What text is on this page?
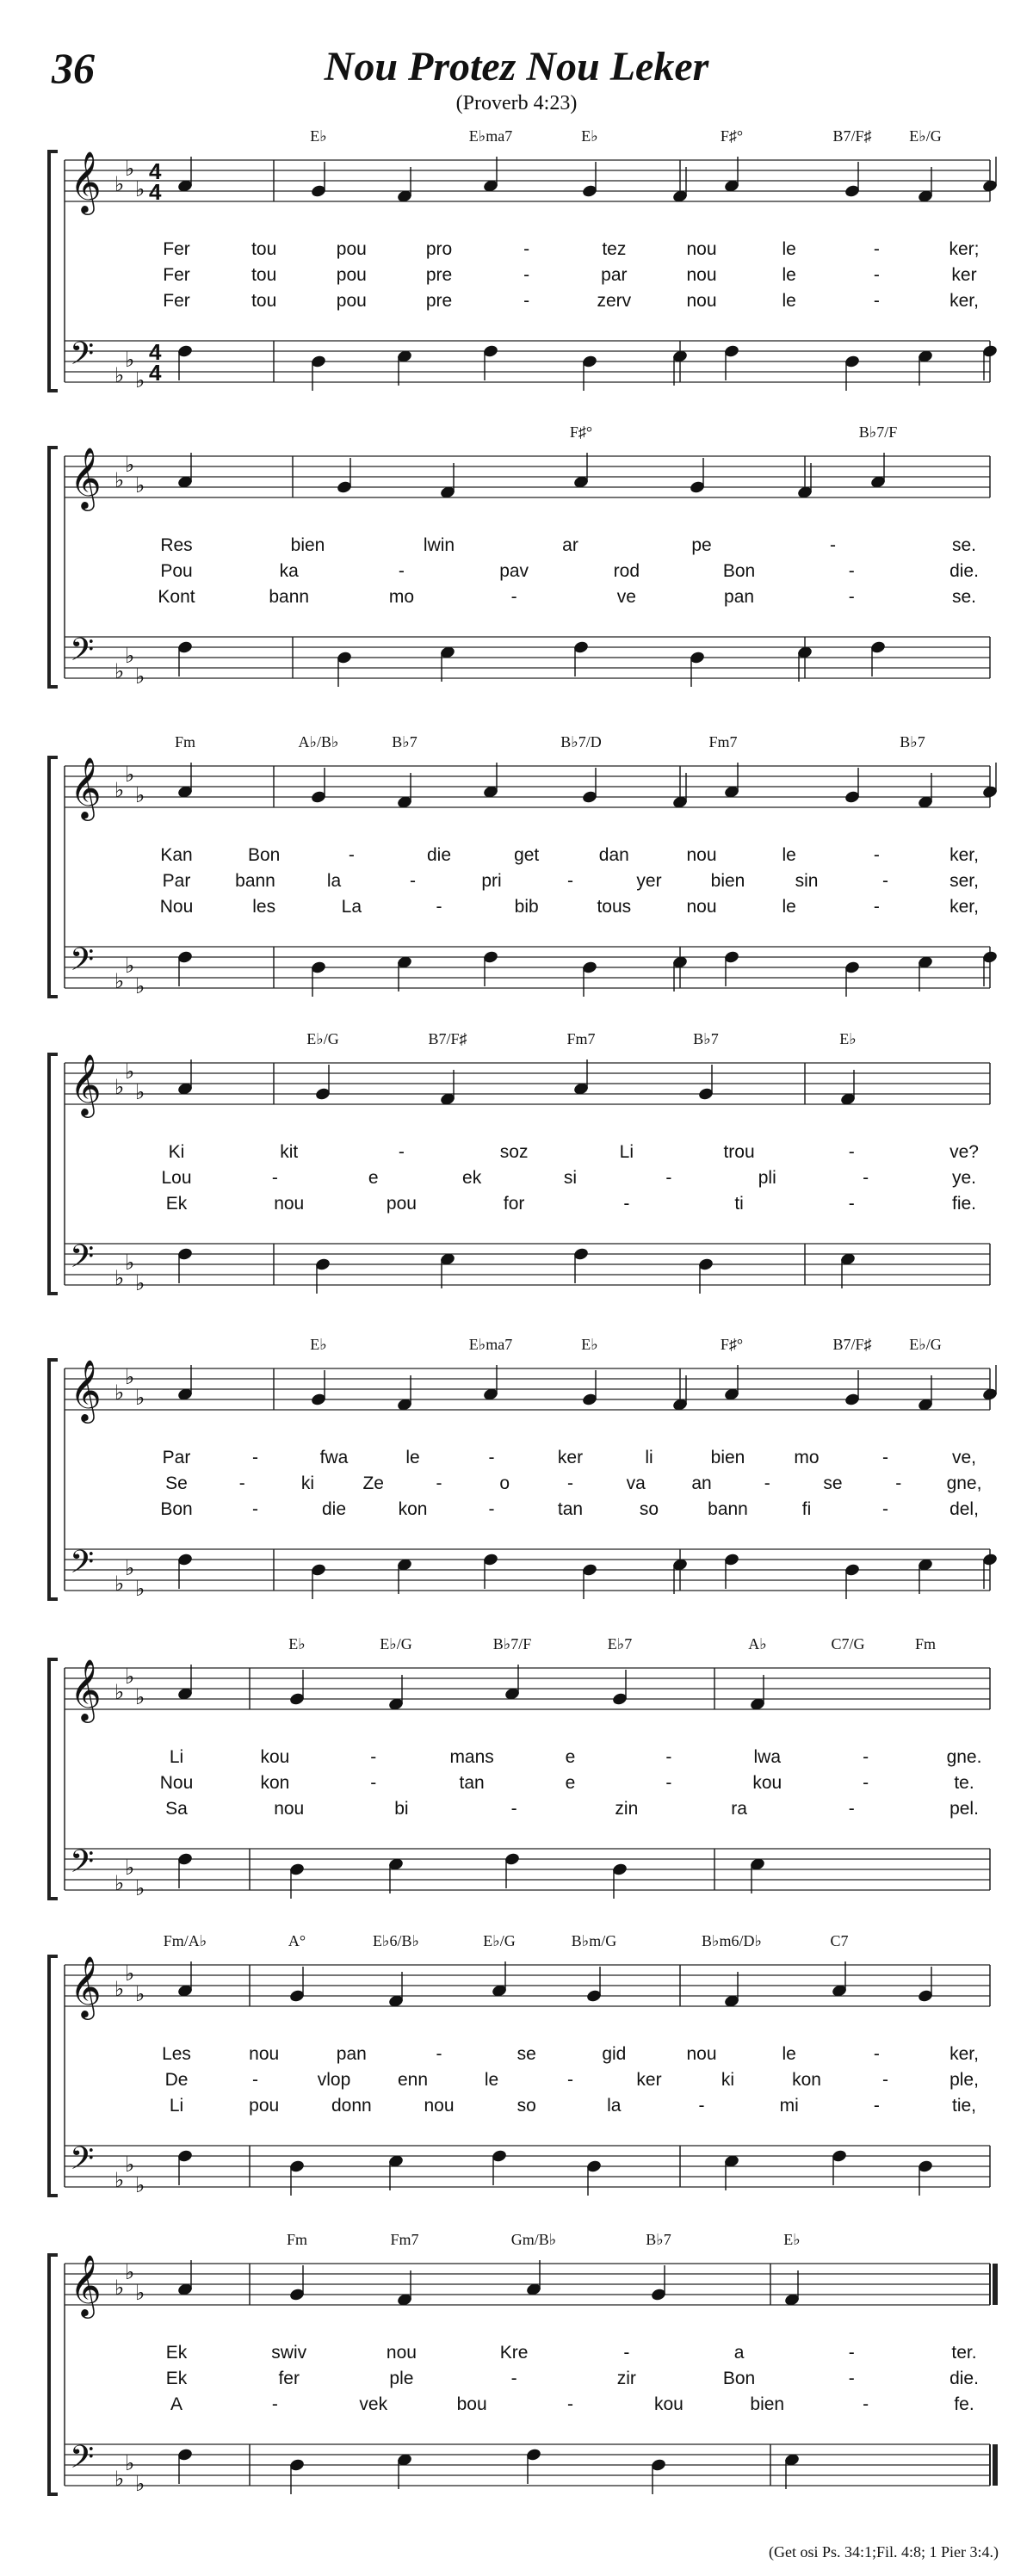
36	Nou Protez Nou Leker
(Proverb 4:23)
𝄞
𝄢
♭
♭
♭
♭
♭
♭
4
4
4
4
E♭	E♭ma7	E♭	F♯°	B7/F♯ E♭/G
Fer	tou	pou	pro	-	tez	nou	le	-	ker;
Fer	tou	pou	pre	-	par	nou	le	-	ker
Fer	tou	pou	pre	-	zerv	nou	le	-	ker,
𝄞
𝄢
♭
♭
♭
♭
♭
♭
F♯°	B♭7/F
Res	bien	lwin	ar	pe	-	se.
Pou	ka	-	pav	rod	Bon	-	die.
Kont	bann	mo	-	ve	pan	-	se.
𝄞
𝄢
♭
♭
♭
♭
♭
♭
Fm	A♭/B♭	B♭7	B♭7/D	Fm7	B♭7
Kan	Bon	-	die	get	dan	nou	le	-	ker,
Par bann	la	-	pri	-	yer	bien	sin	-	ser,
Nou	les	La	-	bib	tous	nou	le	-	ker,
𝄞
𝄢
♭
♭
♭
♭
♭
♭
E♭/G	B7/F♯	Fm7	B♭7	E♭
Ki	kit	-	soz	Li	trou	-	ve?
Lou	-	e	ek	si	-	pli	-	ye.
Ek	nou	pou	for	-	ti	-	fie.
𝄞
𝄢
♭
♭
♭
♭
♭
♭
E♭	E♭ma7	E♭	F♯°	B7/F♯ E♭/G
Par	-	fwa	le	-	ker	li	bien	mo	-	ve,
Se	-	ki	Ze	-	o	-	va	an	-	se	- gne,
Bon	-	die	kon	-	tan	so	bann	fi	-	del,
𝄞
𝄢
♭
♭
♭
♭
♭
♭
E♭	E♭/G	B♭7/F	E♭7	A♭	C7/G	Fm
Li	kou	-	mans	e	-	lwa	-	gne.
Nou	kon	-	tan	e	-	kou	-	te.
Sa	nou	bi	-	zin	ra	-	pel.
𝄞
𝄢
♭
♭
♭
♭
♭
♭
Fm/A♭	A°	E♭6/B♭	E♭/G	B♭m/G	B♭m6/D♭	C7
Les	nou	pan	-	se	gid	nou	le	-	ker,
De	-	vlop	enn	le	-	ker	ki	kon	-	ple,
Li	pou	donn	nou	so	la	-	mi	-	tie,
𝄞
𝄢
♭
♭
♭
♭
♭
♭
Fm	Fm7	Gm/B♭	B♭7	E♭
Ek	swiv	nou	Kre	-	a	-	ter.
Ek	fer	ple	-	zir	Bon	-	die.
A	-	vek	bou	-	kou	bien	-	fe.
(Get osi Ps. 34:1;Fil. 4:8; 1 Pier 3:4.)
